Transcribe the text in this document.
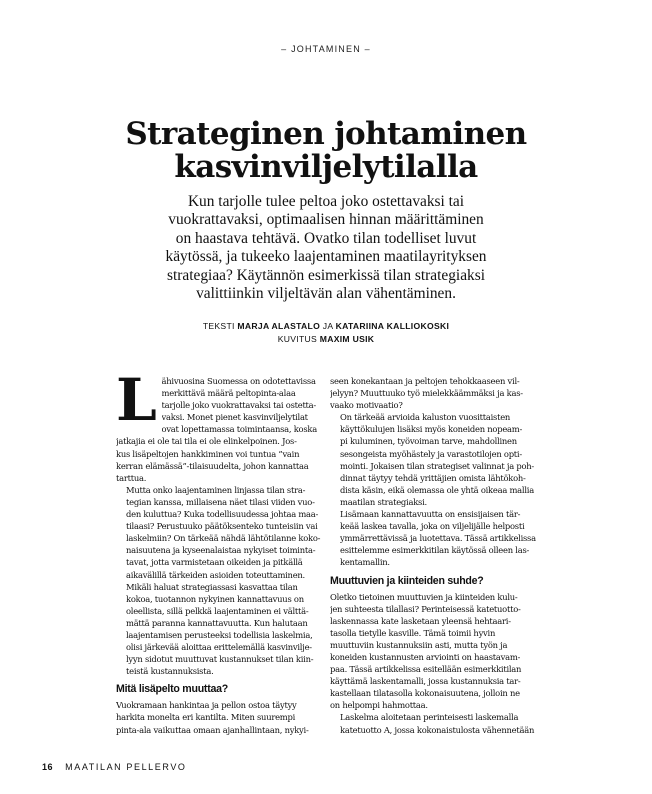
– JOHTAMINEN –
Strateginen johtaminen
kasvinviljelytilalla

Kun tarjolle tulee peltoa joko ostettavaksi tai vuokrattavaksi, optimaalisen hinnan määrittäminen on haastava tehtävä. Ovatko tilan todelliset luvut käytössä, ja tukeeko laajentaminen maatilayrityksen strategiaa? Käytännön esimerkissä tilan strategiaksi valittiinkin viljeltävän alan vähentäminen.

TEKSTI MARJA ALASTALO JA KATARIINA KALLIOKOSKI
KUVITUS MAXIM USIK

L ähivuosina Suomessa on odotettavissa
merkittävä määrä peltopinta-alaa
tarjolle joko vuokrattavaksi tai ostetta-
vaksi. Monet pienet kasvinviljelytilat
ovat lopettamassa toimintaansa, koska
jatkajia ei ole tai tila ei ole elinkelpoinen. Jos-
kus lisäpeltojen hankkiminen voi tuntua ”vain
kerran elämässä”-tilaisuudelta, johon kannattaa
tarttua.

Mutta onko laajentaminen linjassa tilan stra-
tegian kanssa, millaisena näet tilasi viiden vuo-
den kuluttua? Kuka todellisuudessa johtaa maa-
tilaasi? Perustuuko päätöksenteko tunteisiin vai
laskelmiin? On tärkeää nähdä lähtötilanne koko-
naisuutena ja kyseenalaistaa nykyiset toiminta-
tavat, jotta varmistetaan oikeiden ja pitkällä
aikavälillä tärkeiden asioiden toteuttaminen.

Mikäli haluat strategiassasi kasvattaa tilan
kokoa, tuotannon nykyinen kannattavuus on
oleellista, sillä pelkkä laajentaminen ei välttä-
mättä paranna kannattavuutta. Kun halutaan
laajentamisen perusteeksi todellisia laskelmia,
olisi järkevää aloittaa erittelemällä kasvinvilje-
lyyn sidotut muuttuvat kustannukset tilan kiin-
teistä kustannuksista.

Mitä lisäpelto muuttaa?

Vuokramaan hankintaa ja pellon ostoa täytyy
harkita monelta eri kantilta. Miten suurempi
pinta-ala vaikuttaa omaan ajanhallintaan, nykyi-

seen konekantaan ja peltojen tehokkaaseen vil-
jelyyn? Muuttuuko työ mielekkäämmäksi ja kas-
vaako motivaatio?

On tärkeää arvioida kaluston vuosittaisten
käyttökulujen lisäksi myös koneiden nopeam-
pi kuluminen, työvoiman tarve, mahdollinen
sesongeista myöhästely ja varastotilojen opti-
mointi. Jokaisen tilan strategiset valinnat ja poh-
dinnat täytyy tehdä yrittäjien omista lähtökoh-
dista käsin, eikä olemassa ole yhtä oikeaa mallia
maatilan strategiaksi.

Lisämaan kannattavuutta on ensisijaisen tär-
keää laskea tavalla, joka on viljelijälle helposti
ymmärrettävissä ja luotettava. Tässä artikkelissa
esittelemme esimerkkitilan käytössä olleen las-
kentamallin.

Muuttuvien ja kiinteiden suhde?

Oletko tietoinen muuttuvien ja kiinteiden kulu-
jen suhteesta tilallasi? Perinteisessä katetuotto-
laskennassa kate lasketaan yleensä hehtaari-
tasolla tietylle kasville. Tämä toimii hyvin
muuttuviin kustannuksiin asti, mutta työn ja
koneiden kustannusten arviointi on haastavam-
paa. Tässä artikkelissa esitellään esimerkkitilan
käyttämä laskentamalli, jossa kustannuksia tar-
kastellaan tilatasolla kokonaisuutena, jolloin ne
on helpompi hahmottaa.

Laskelma aloitetaan perinteisesti laskemalla
katetuotto A, jossa kokonaistulosta vähennetään

16 MAATILAN PELLERVO
